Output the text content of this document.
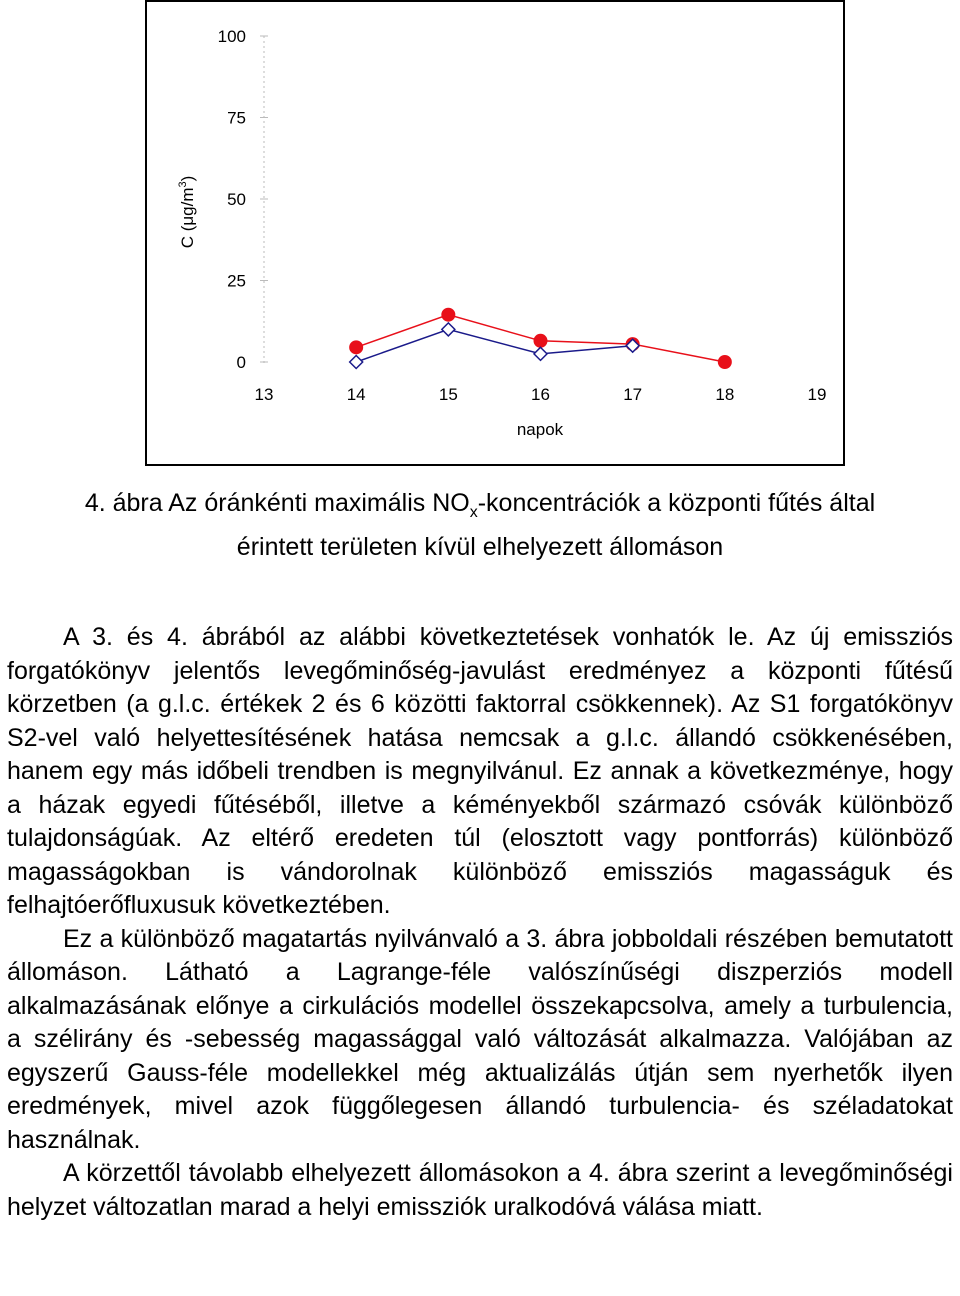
0
25
50
75
100
13	14	15	16	17	18	19
napok
C $(\mu g/m^3)$
4. ábra Az óránkénti maximális $NO_x$-koncentrációk a központi fűtés által
érintett területen kívül elhelyezett állomáson

A 3. és 4. ábrából az alábbi következtetések vonhatók le. Az új emissziós forgatókönyv jelentős levegőminőség-javulást eredményez a központi fűtésű körzetben (a g.l.c. értékek 2 és 6 közötti faktorral csökkennek). Az S1 forgatókönyv S2-vel való helyettesítésének hatása nemcsak a g.l.c. állandó csökkenésében, hanem egy más időbeli trendben is megnyilvánul. Ez annak a következménye, hogy a házak egyedi fűtéséből, illetve a kéményekből származó csóvák különböző tulajdonságúak. Az eltérő eredeten túl (elosztott vagy pontforrás) különböző magasságokban is vándorolnak különböző emissziós magasságuk és felhajtóerőfluxusuk következtében.

Ez a különböző magatartás nyilvánvaló a 3. ábra jobboldali részében bemutatott állomáson. Látható a Lagrange-féle valószínűségi diszperziós modell alkalmazásának előnye a cirkulációs modellel összekapcsolva, amely a turbulencia, a szélirány és -sebesség magassággal való változását alkalmazza. Valójában az egyszerű Gauss-féle modellekkel még aktualizálás útján sem nyerhetők ilyen eredmények, mivel azok függőlegesen állandó turbulencia- és széladatokat használnak.

A körzettől távolabb elhelyezett állomásokon a 4. ábra szerint a levegőminőségi helyzet változatlan marad a helyi emissziók uralkodóvá válása miatt.
